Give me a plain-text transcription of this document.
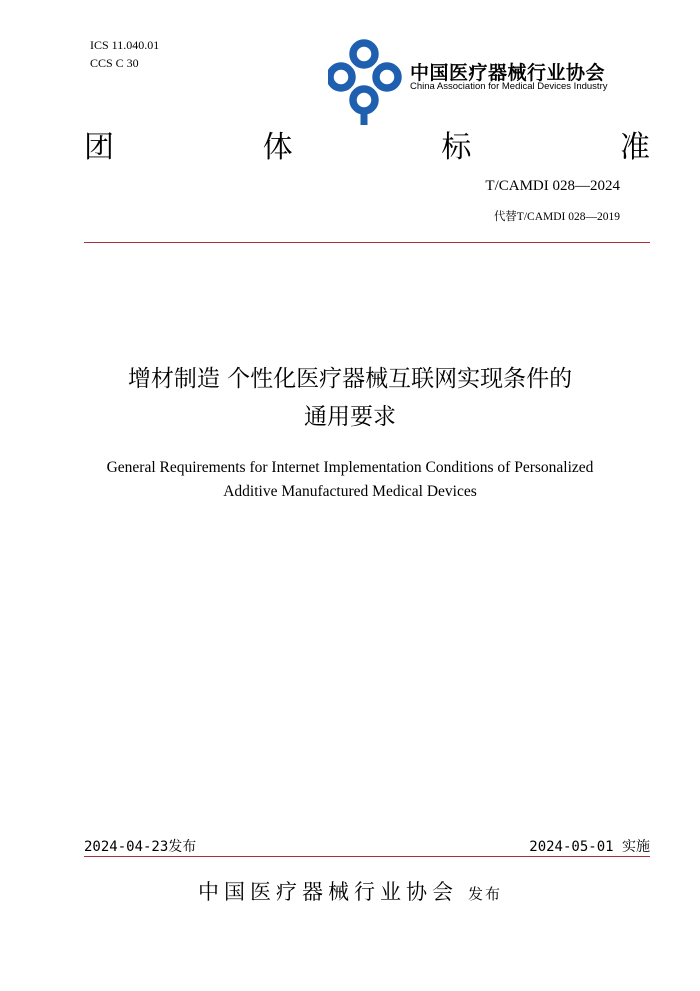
ICS 11.040.01
CCS C 30	中国医疗器械行业协会
China Association for Medical Devices Industry
团	体	标	准
T/CAMDI 028—2024
代替T/CAMDI 028—2019
增材制造 个性化医疗器械互联网实现条件的
通用要求
General Requirements for Internet Implementation Conditions of Personalized
Additive Manufactured Medical Devices
2024-04-23发布	2024-05-01 实施
中国医疗器械行业协会 发布
